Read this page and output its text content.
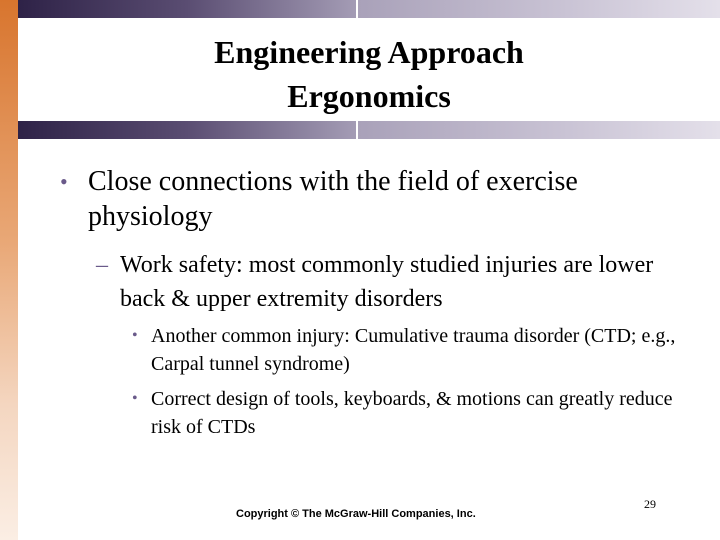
Engineering Approach
Ergonomics
• Close connections with the field of exercise physiology
– Work safety: most commonly studied injuries are lower back & upper extremity disorders
• Another common injury: Cumulative trauma disorder (CTD; e.g., Carpal tunnel syndrome)
• Correct design of tools, keyboards, & motions can greatly reduce risk of CTDs
Copyright © The McGraw-Hill Companies, Inc.
29
